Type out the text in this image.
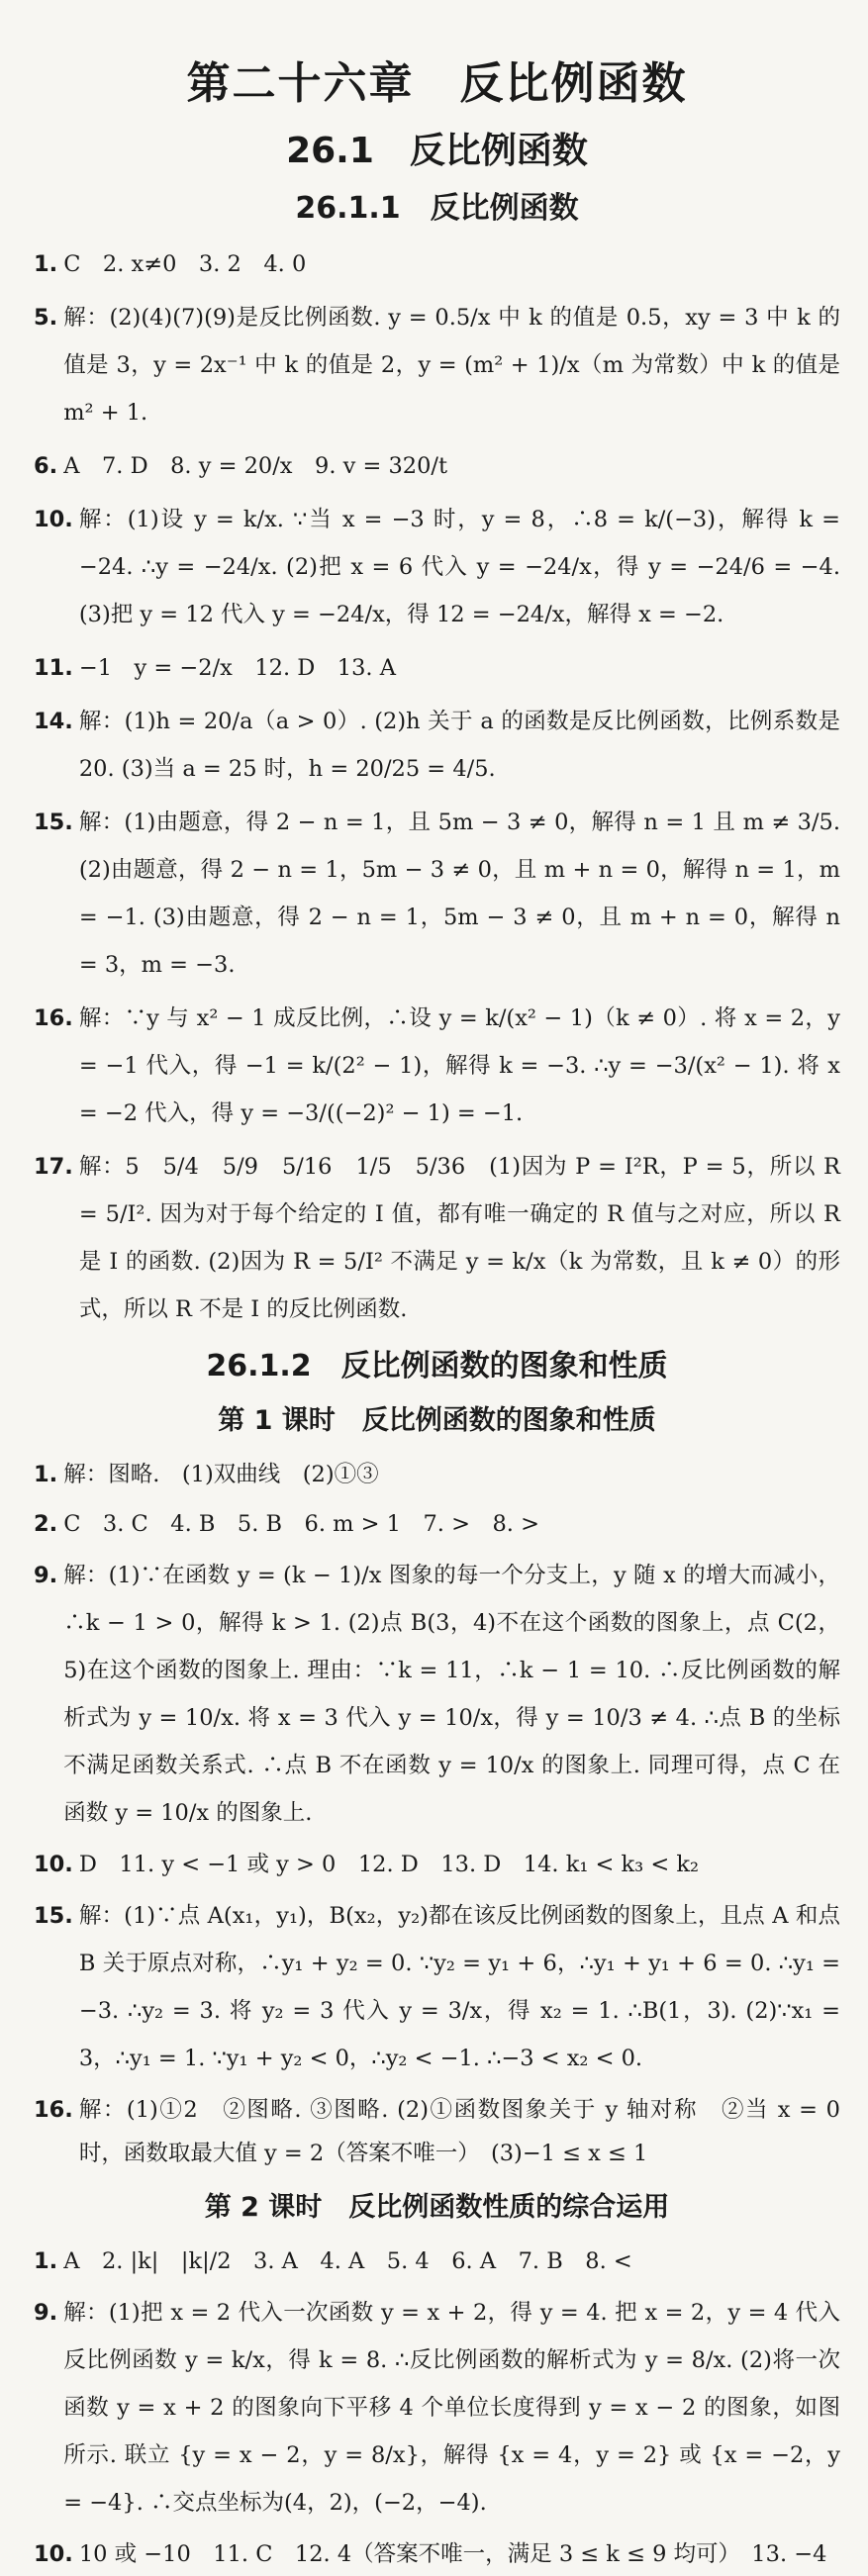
第二十六章　反比例函数
26.1　反比例函数
26.1.1　反比例函数
1. C　2. x≠0　3. 2　4. 0
5. 解：(2)(4)(7)(9)是反比例函数. y = 0.5/x 中 k 的值是 0.5，xy = 3 中 k 的值是 3，y = 2x⁻¹ 中 k 的值是 2，y = (m² + 1)/x（m 为常数）中 k 的值是 m² + 1.
6. A　7. D　8. y = 20/x　9. v = 320/t
10. 解：(1)设 y = k/x. ∵当 x = −3 时，y = 8，∴8 = k/(−3)，解得 k = −24. ∴y = −24/x. (2)把 x = 6 代入 y = −24/x，得 y = −24/6 = −4. (3)把 y = 12 代入 y = −24/x，得 12 = −24/x，解得 x = −2.
11. −1　y = −2/x　12. D　13. A
14. 解：(1)h = 20/a（a > 0）. (2)h 关于 a 的函数是反比例函数，比例系数是 20. (3)当 a = 25 时，h = 20/25 = 4/5.
15. 解：(1)由题意，得 2 − n = 1，且 5m − 3 ≠ 0，解得 n = 1 且 m ≠ 3/5. (2)由题意，得 2 − n = 1，5m − 3 ≠ 0，且 m + n = 0，解得 n = 1，m = −1. (3)由题意，得 2 − n = 1，5m − 3 ≠ 0，且 m + n = 0，解得 n = 3，m = −3.
16. 解：∵y 与 x² − 1 成反比例，∴设 y = k/(x² − 1)（k ≠ 0）. 将 x = 2，y = −1 代入，得 −1 = k/(2² − 1)，解得 k = −3. ∴y = −3/(x² − 1). 将 x = −2 代入，得 y = −3/((−2)² − 1) = −1.
17. 解：5　5/4　5/9　5/16　1/5　5/36　(1)因为 P = I²R，P = 5，所以 R = 5/I². 因为对于每个给定的 I 值，都有唯一确定的 R 值与之对应，所以 R 是 I 的函数. (2)因为 R = 5/I² 不满足 y = k/x（k 为常数，且 k ≠ 0）的形式，所以 R 不是 I 的反比例函数.
26.1.2　反比例函数的图象和性质
第 1 课时　反比例函数的图象和性质
1. 解：图略.　(1)双曲线　(2)①③
2. C　3. C　4. B　5. B　6. m > 1　7. >　8. >
9. 解：(1)∵在函数 y = (k − 1)/x 图象的每一个分支上，y 随 x 的增大而减小，∴k − 1 > 0，解得 k > 1. (2)点 B(3，4)不在这个函数的图象上，点 C(2，5)在这个函数的图象上. 理由：∵k = 11，∴k − 1 = 10. ∴反比例函数的解析式为 y = 10/x. 将 x = 3 代入 y = 10/x，得 y = 10/3 ≠ 4. ∴点 B 的坐标不满足函数关系式. ∴点 B 不在函数 y = 10/x 的图象上. 同理可得，点 C 在函数 y = 10/x 的图象上.
10. D　11. y < −1 或 y > 0　12. D　13. D　14. k₁ < k₃ < k₂
15. 解：(1)∵点 A(x₁，y₁)，B(x₂，y₂)都在该反比例函数的图象上，且点 A 和点 B 关于原点对称，∴y₁ + y₂ = 0. ∵y₂ = y₁ + 6，∴y₁ + y₁ + 6 = 0. ∴y₁ = −3. ∴y₂ = 3. 将 y₂ = 3 代入 y = 3/x，得 x₂ = 1. ∴B(1，3). (2)∵x₁ = 3，∴y₁ = 1. ∵y₁ + y₂ < 0，∴y₂ < −1. ∴−3 < x₂ < 0.
16. 解：(1)①2　②图略. ③图略. (2)①函数图象关于 y 轴对称　②当 x = 0 时，函数取最大值 y = 2（答案不唯一）　(3)−1 ≤ x ≤ 1
第 2 课时　反比例函数性质的综合运用
1. A　2. |k|　|k|/2　3. A　4. A　5. 4　6. A　7. B　8. <
9. 解：(1)把 x = 2 代入一次函数 y = x + 2，得 y = 4. 把 x = 2，y = 4 代入反比例函数 y = k/x，得 k = 8. ∴反比例函数的解析式为 y = 8/x. (2)将一次函数 y = x + 2 的图象向下平移 4 个单位长度得到 y = x − 2 的图象，如图所示. 联立 {y = x − 2，y = 8/x}，解得 {x = 4，y = 2} 或 {x = −2，y = −4}. ∴交点坐标为(4，2)，(−2，−4).
10. 10 或 −10　11. C　12. 4（答案不唯一，满足 3 ≤ k ≤ 9 均可）　13. −4
